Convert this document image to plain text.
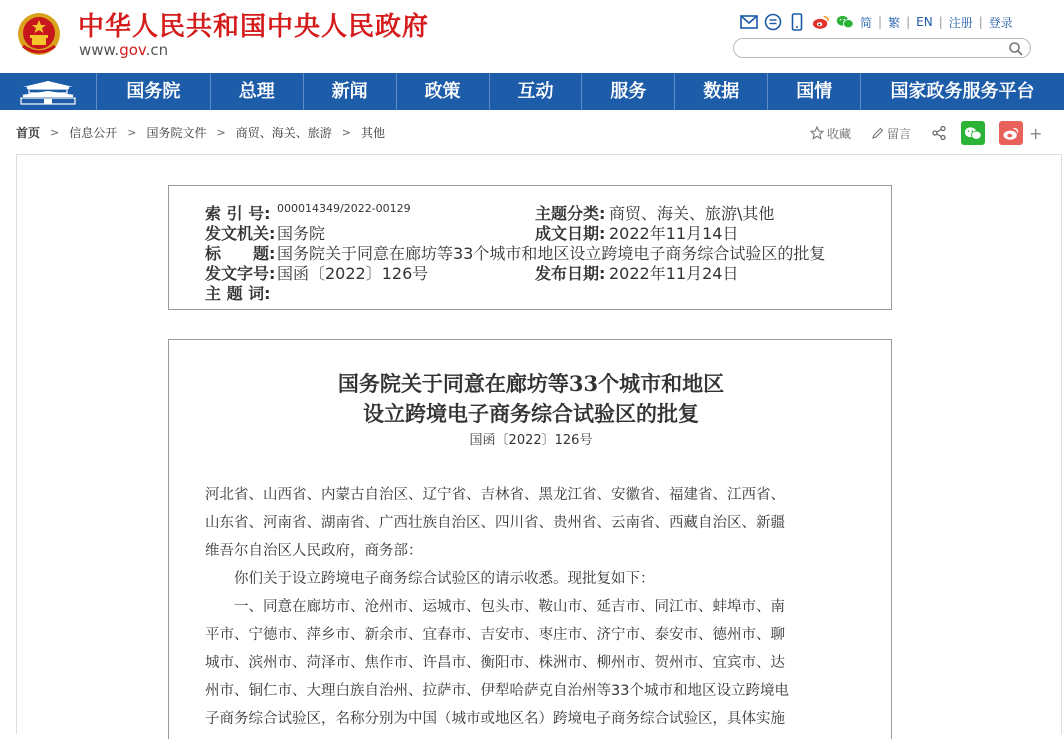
中华人民共和国中央人民政府
www.gov.cn
简 | 繁 | EN | 注册 | 登录
国务院	总理	新闻	政策	互动	服务	数据	国情	国家政务服务平台
首页 > 信息公开 > 国务院文件 > 商贸、海关、旅游 > 其他	收藏	留言	+
索 引 号: 000014349/2022-00129	主题分类: 商贸、海关、旅游\其他
发文机关: 国务院	成文日期: 2022年11月14日
标　　题: 国务院关于同意在廊坊等33个城市和地区设立跨境电子商务综合试验区的批复
发文字号: 国函〔2022〕126号	发布日期: 2022年11月24日
主 题 词:
国务院关于同意在廊坊等33个城市和地区
设立跨境电子商务综合试验区的批复
国函〔2022〕126号

河北省、山西省、内蒙古自治区、辽宁省、吉林省、黑龙江省、安徽省、福建省、江西省、

山东省、河南省、湖南省、广西壮族自治区、四川省、贵州省、云南省、西藏自治区、新疆

维吾尔自治区人民政府，商务部：

你们关于设立跨境电子商务综合试验区的请示收悉。现批复如下：

一、同意在廊坊市、沧州市、运城市、包头市、鞍山市、延吉市、同江市、蚌埠市、南

平市、宁德市、萍乡市、新余市、宜春市、吉安市、枣庄市、济宁市、泰安市、德州市、聊

城市、滨州市、菏泽市、焦作市、许昌市、衡阳市、株洲市、柳州市、贺州市、宜宾市、达

州市、铜仁市、大理白族自治州、拉萨市、伊犁哈萨克自治州等33个城市和地区设立跨境电

子商务综合试验区，名称分别为中国（城市或地区名）跨境电子商务综合试验区，具体实施
